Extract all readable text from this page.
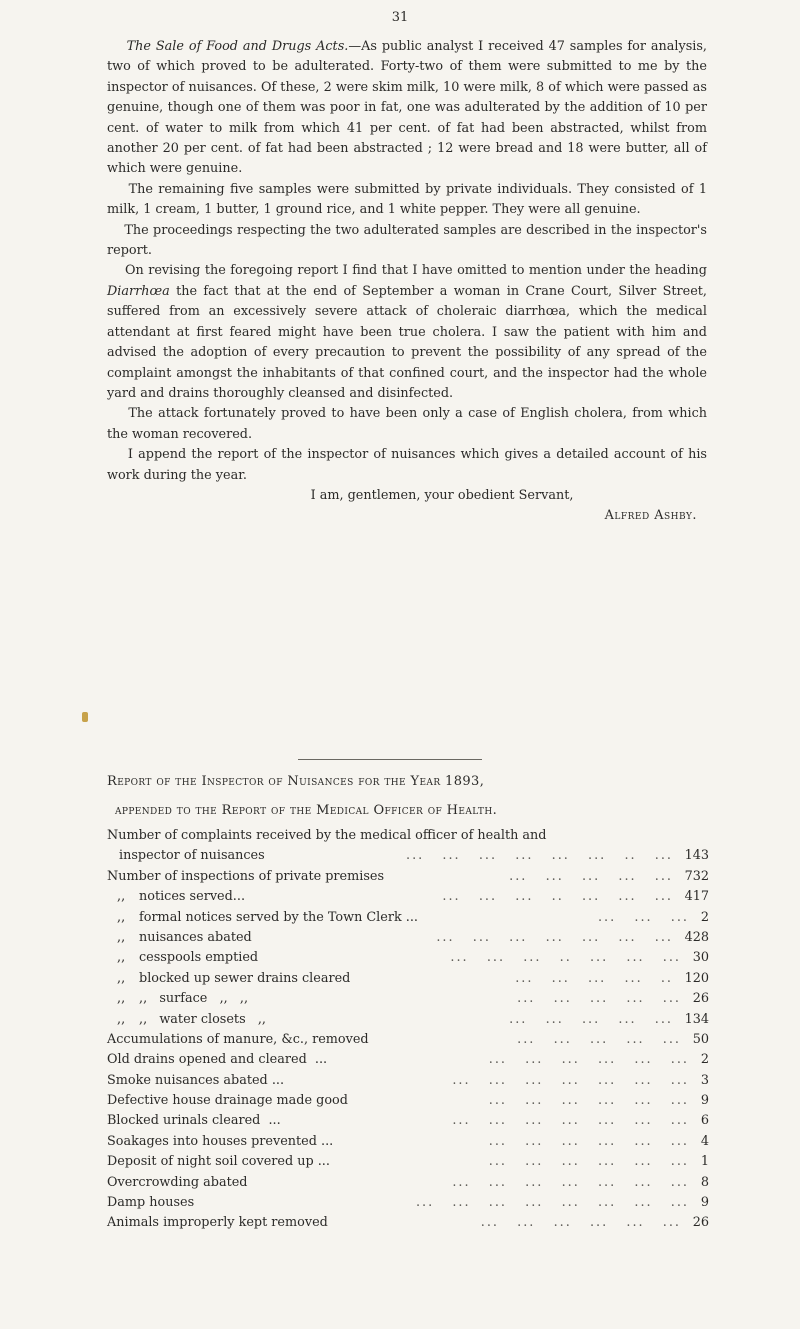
31

The Sale of Food and Drugs Acts.—As public analyst I received 47 samples for analysis, two of which proved to be adulterated. Forty-two of them were submitted to me by the inspector of nuisances. Of these, 2 were skim milk, 10 were milk, 8 of which were passed as genuine, though one of them was poor in fat, one was adulterated by the addition of 10 per cent. of water to milk from which 41 per cent. of fat had been abstracted, whilst from another 20 per cent. of fat had been abstracted ; 12 were bread and 18 were butter, all of which were genuine.

The remaining five samples were submitted by private individuals. They consisted of 1 milk, 1 cream, 1 butter, 1 ground rice, and 1 white pepper. They were all genuine.

The proceedings respecting the two adulterated samples are described in the inspector's report.

On revising the foregoing report I find that I have omitted to mention under the heading Diarrhœa the fact that at the end of September a woman in Crane Court, Silver Street, suffered from an excessively severe attack of choleraic diarrhœa, which the medical attendant at first feared might have been true cholera. I saw the patient with him and advised the adoption of every precaution to prevent the possibility of any spread of the complaint amongst the inhabitants of that confined court, and the inspector had the whole yard and drains thoroughly cleansed and disinfected.

The attack fortunately proved to have been only a case of English cholera, from which the woman recovered.

I append the report of the inspector of nuisances which gives a detailed account of his work during the year.

I am, gentlemen, your obedient Servant,

Alfred Ashby.

Report of the Inspector of Nuisances for the Year 1893,
appended to the Report of the Medical Officer of Health.
Number of complaints received by the medical officer of health and
inspector of nuisances	143
...   ..   ...   ...   ...   ...   ...   ...
Number of inspections of private premises	732
...   ...   ...   ...   ...
,, notices served...	417
...   ...   ...   ..   ...   ...   ...
,, formal notices served by the Town Clerk ...	2
...   ...   ...
,, nuisances abated	428
...   ...   ...   ...   ...   ...   ...
,, cesspools emptied	30
...   ...   ...   ..   ...   ...   ...
,, blocked up sewer drains cleared	120
..   ...   ...   ...   ...
,, ,,   surface   ,,   ,,	26
...   ...   ...   ...   ...
,, ,,   water closets   ,,	134
...   ...   ...   ...   ...
Accumulations of manure, &c., removed	50
...   ...   ...   ...   ...
Old drains opened and cleared  ...	2
...   ...   ...   ...   ...   ...
Smoke nuisances abated ...	3
...   ...   ...   ...   ...   ...   ...
Defective house drainage made good	9
...   ...   ...   ...   ...   ...
Blocked urinals cleared  ...	6
...   ...   ...   ...   ...   ...   ...
Soakages into houses prevented ...	4
...   ...   ...   ...   ...   ...
Deposit of night soil covered up ...	1
...   ...   ...   ...   ...   ...
Overcrowding abated	8
...   ...   ...   ...   ...   ...   ...
Damp houses	9
...   ...   ...   ...   ...   ...   ...   ...
Animals improperly kept removed	26
...   ...   ...   ...   ...   ...
